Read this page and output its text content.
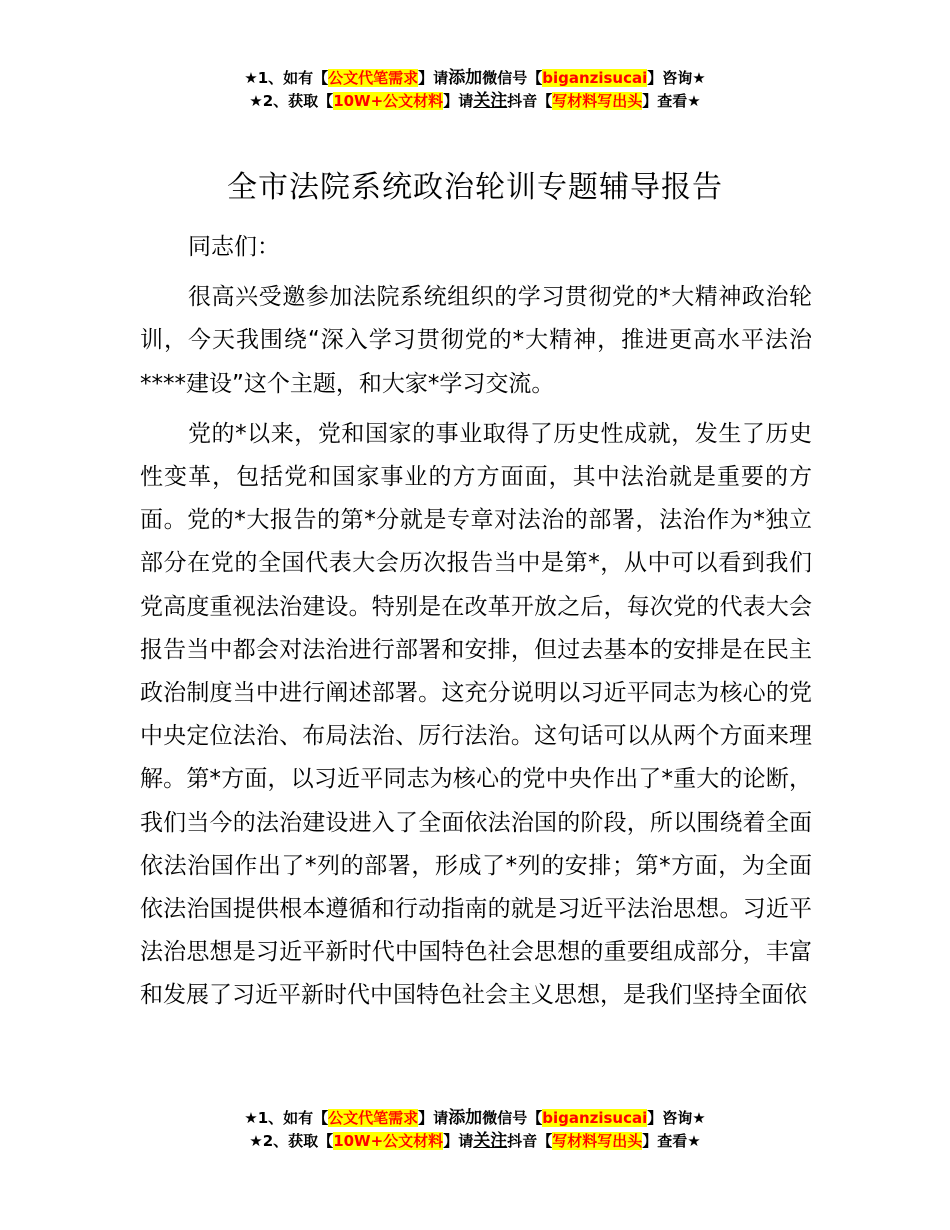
★1、如有【公文代笔需求】请添加微信号【biganzisucai】咨询★
★2、获取【10W+公文材料】请关注抖音【写材料写出头】查看★
全市法院系统政治轮训专题辅导报告

同志们：

很高兴受邀参加法院系统组织的学习贯彻党的*大精神政治轮训，今天我围绕“深入学习贯彻党的*大精神，推进更高水平法治****建设”这个主题，和大家*学习交流。

党的*以来，党和国家的事业取得了历史性成就，发生了历史性变革，包括党和国家事业的方方面面，其中法治就是重要的方面。党的*大报告的第*分就是专章对法治的部署，法治作为*独立部分在党的全国代表大会历次报告当中是第*，从中可以看到我们党高度重视法治建设。特别是在改革开放之后，每次党的代表大会报告当中都会对法治进行部署和安排，但过去基本的安排是在民主政治制度当中进行阐述部署。这充分说明以习近平同志为核心的党中央定位法治、布局法治、厉行法治。这句话可以从两个方面来理解。第*方面，以习近平同志为核心的党中央作出了*重大的论断，我们当今的法治建设进入了全面依法治国的阶段，所以围绕着全面依法治国作出了*列的部署，形成了*列的安排；第*方面，为全面依法治国提供根本遵循和行动指南的就是习近平法治思想。习近平法治思想是习近平新时代中国特色社会思想的重要组成部分，丰富和发展了习近平新时代中国特色社会主义思想，是我们坚持全面依

★1、如有【公文代笔需求】请添加微信号【biganzisucai】咨询★
★2、获取【10W+公文材料】请关注抖音【写材料写出头】查看★
